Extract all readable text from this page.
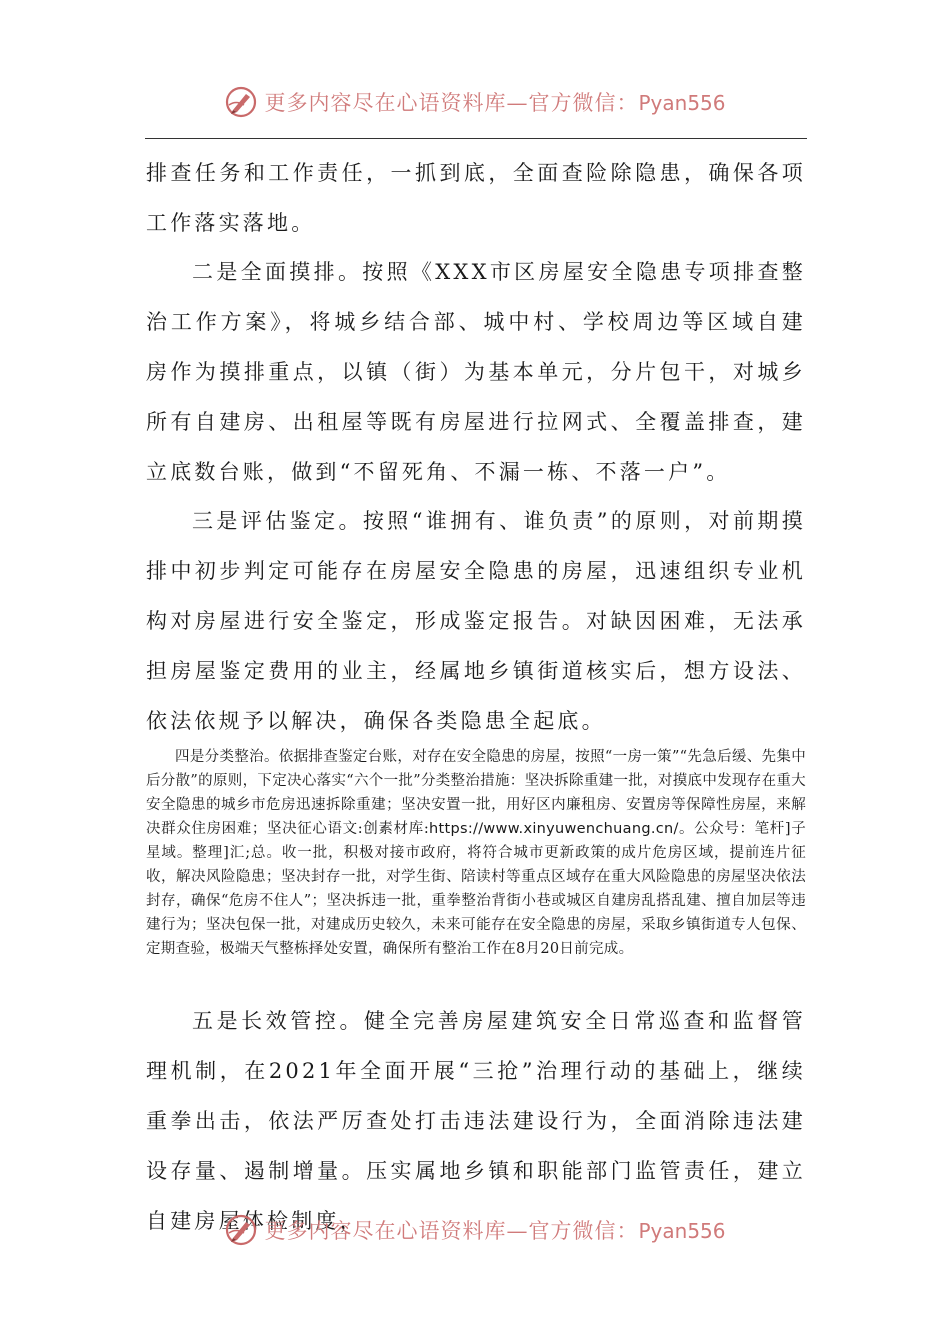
更多内容尽在心语资料库—官方微信：Pyan556

排查任务和工作责任，一抓到底，全面查险除隐患，确保各项工作落实落地。

二是全面摸排。按照《XXX市区房屋安全隐患专项排查整治工作方案》，将城乡结合部、城中村、学校周边等区域自建房作为摸排重点，以镇（街）为基本单元，分片包干，对城乡所有自建房、出租屋等既有房屋进行拉网式、全覆盖排查，建立底数台账，做到“不留死角、不漏一栋、不落一户”。

三是评估鉴定。按照“谁拥有、谁负责”的原则，对前期摸排中初步判定可能存在房屋安全隐患的房屋，迅速组织专业机构对房屋进行安全鉴定，形成鉴定报告。对缺因困难，无法承担房屋鉴定费用的业主，经属地乡镇街道核实后，想方设法、依法依规予以解决，确保各类隐患全起底。

四是分类整治。依据排查鉴定台账，对存在安全隐患的房屋，按照“一房一策”“先急后缓、先集中后分散”的原则，下定决心落实“六个一批”分类整治措施：坚决拆除重建一批，对摸底中发现存在重大安全隐患的城乡市危房迅速拆除重建；坚决安置一批，用好区内廉租房、安置房等保障性房屋，来解决群众住房困难；坚决征心语文:创素材库:https://www.xinyuwenchuang.cn/。公众号：笔杆]子星域。整理]汇;总。收一批，积极对接市政府，将符合城市更新政策的成片危房区域，提前连片征收，解决风险隐患；坚决封存一批，对学生街、陪读村等重点区域存在重大风险隐患的房屋坚决依法封存，确保“危房不住人”；坚决拆违一批，重拳整治背街小巷或城区自建房乱搭乱建、擅自加层等违建行为；坚决包保一批，对建成历史较久，未来可能存在安全隐患的房屋，采取乡镇街道专人包保、定期查验，极端天气整栋择处安置，确保所有整治工作在8月20日前完成。

五是长效管控。健全完善房屋建筑安全日常巡查和监督管理机制，在2021年全面开展“三抢”治理行动的基础上，继续重拳出击，依法严厉查处打击违法建设行为，全面消除违法建设存量、遏制增量。压实属地乡镇和职能部门监管责任，建立自建房屋体检制度，

更多内容尽在心语资料库—官方微信：Pyan556
